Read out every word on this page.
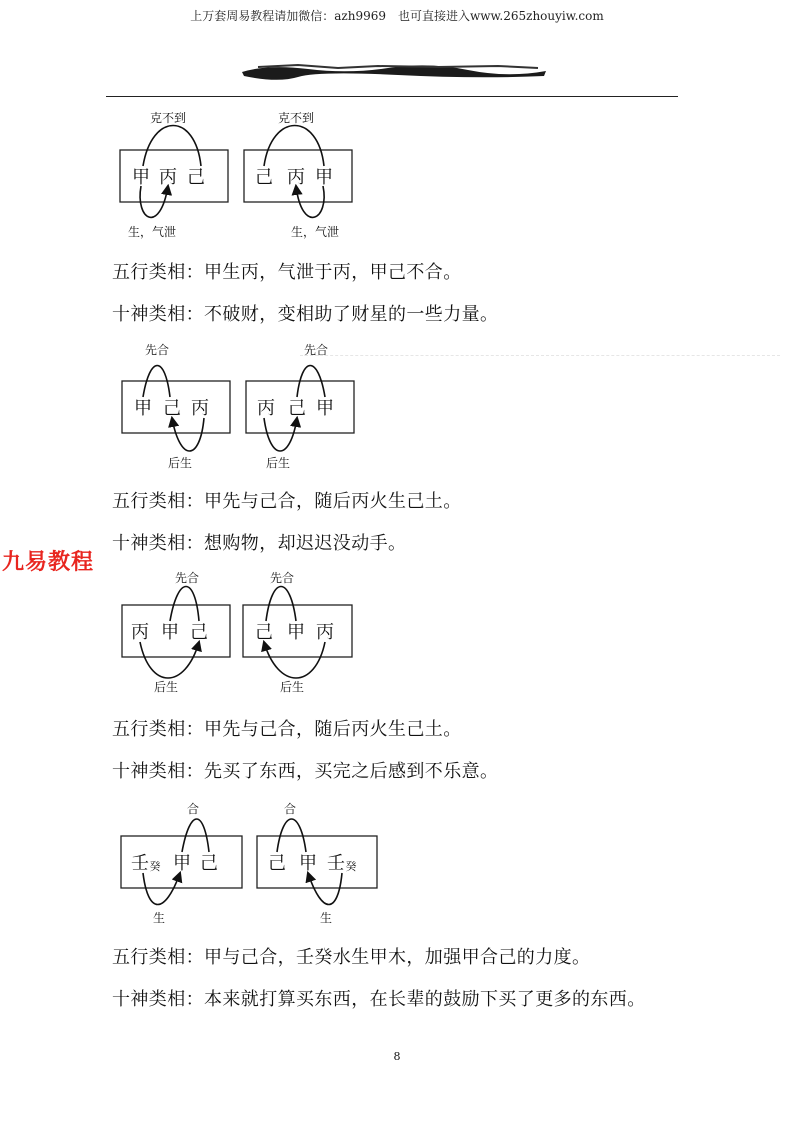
上万套周易教程请加微信：azh9969　也可直接进入www.265zhouyiw.com
九易教程
甲 丙 己
克不到
生，气泄
己 丙 甲
克不到
生，气泄
甲 己 丙
先合
后生
丙 己 甲
先合
后生
丙 甲 己
先合
后生
己 甲 丙
先合
后生
壬 癸 甲 己
合
生
己 甲 壬 癸
合
生
五行类相：甲生丙，气泄于丙，甲己不合。
十神类相：不破财，变相助了财星的一些力量。
五行类相：甲先与己合，随后丙火生己土。
十神类相：想购物，却迟迟没动手。
五行类相：甲先与己合，随后丙火生己土。
十神类相：先买了东西，买完之后感到不乐意。
五行类相：甲与己合，壬癸水生甲木，加强甲合己的力度。
十神类相：本来就打算买东西，在长辈的鼓励下买了更多的东西。
8
